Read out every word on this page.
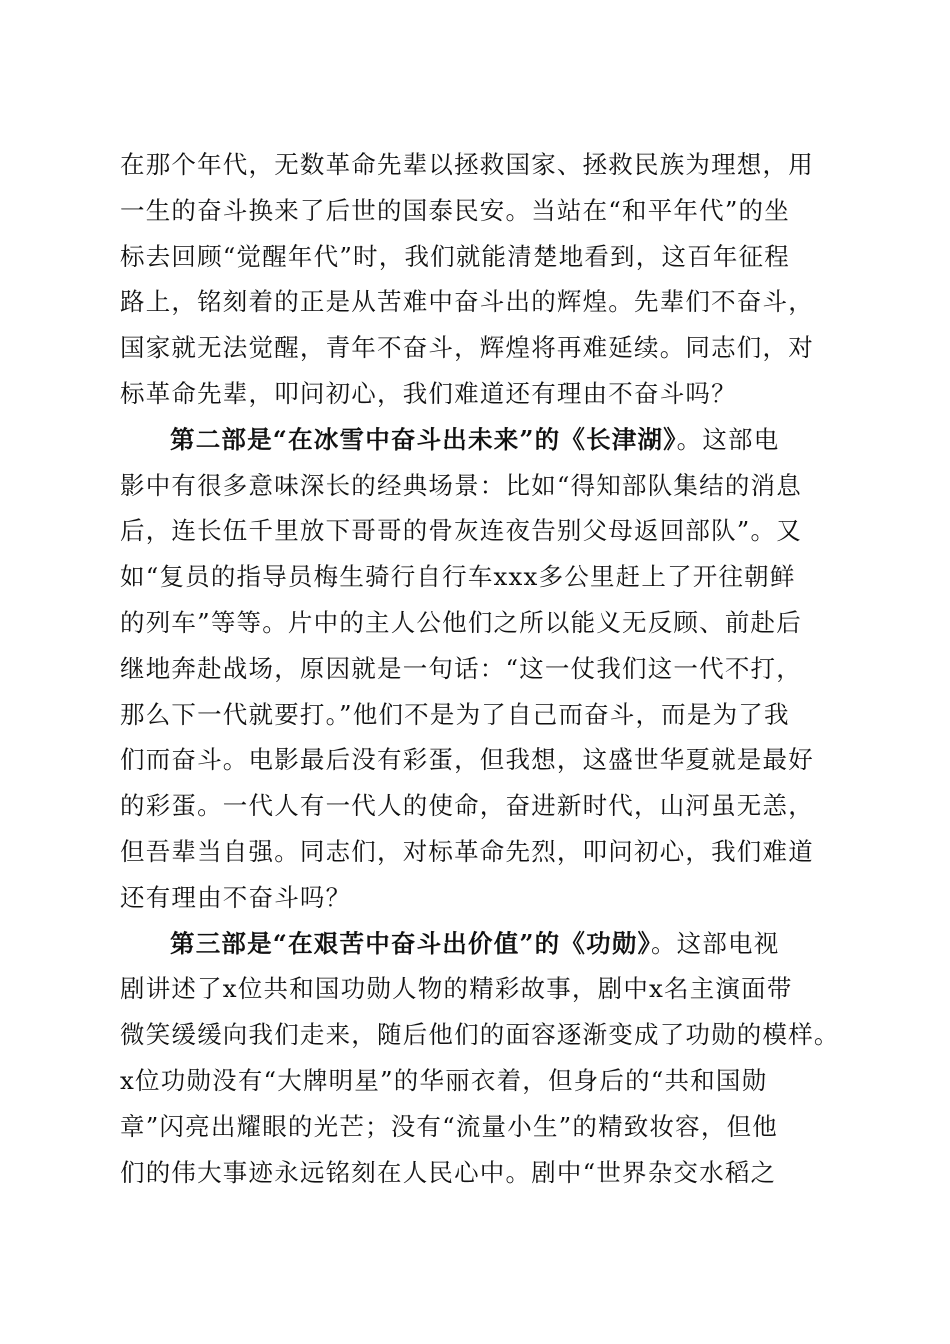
在那个年代，无数革命先辈以拯救国家、拯救民族为理想，用
一生的奋斗换来了后世的国泰民安。当站在“和平年代”的坐
标去回顾“觉醒年代”时，我们就能清楚地看到，这百年征程
路上，铭刻着的正是从苦难中奋斗出的辉煌。先辈们不奋斗，
国家就无法觉醒，青年不奋斗，辉煌将再难延续。同志们，对
标革命先辈，叩问初心，我们难道还有理由不奋斗吗？
第二部是“在冰雪中奋斗出未来”的《长津湖》。这部电
影中有很多意味深长的经典场景：比如“得知部队集结的消息
后，连长伍千里放下哥哥的骨灰连夜告别父母返回部队”。又
如“复员的指导员梅生骑行自行车xxx多公里赶上了开往朝鲜
的列车”等等。片中的主人公他们之所以能义无反顾、前赴后
继地奔赴战场，原因就是一句话：“这一仗我们这一代不打，
那么下一代就要打。”他们不是为了自己而奋斗，而是为了我
们而奋斗。电影最后没有彩蛋，但我想，这盛世华夏就是最好
的彩蛋。一代人有一代人的使命，奋进新时代，山河虽无恙，
但吾辈当自强。同志们，对标革命先烈，叩问初心，我们难道
还有理由不奋斗吗？
第三部是“在艰苦中奋斗出价值”的《功勋》。这部电视
剧讲述了x位共和国功勋人物的精彩故事，剧中x名主演面带
微笑缓缓向我们走来，随后他们的面容逐渐变成了功勋的模样。
x位功勋没有“大牌明星”的华丽衣着，但身后的“共和国勋
章”闪亮出耀眼的光芒；没有“流量小生”的精致妆容，但他
们的伟大事迹永远铭刻在人民心中。剧中“世界杂交水稻之
